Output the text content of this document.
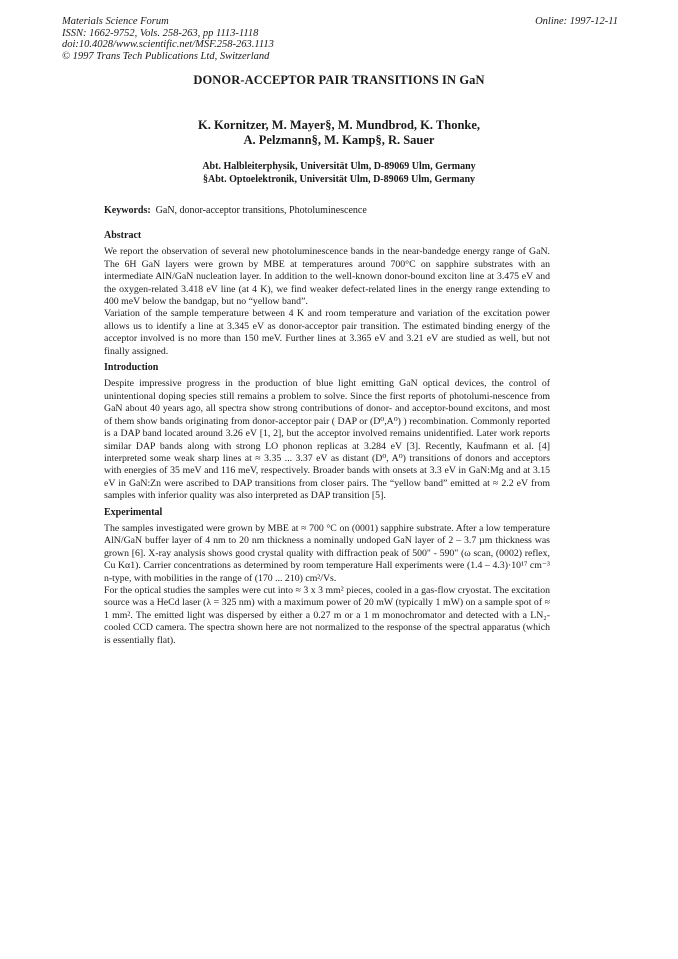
Materials Science Forum
ISSN: 1662-9752, Vols. 258-263, pp 1113-1118
doi:10.4028/www.scientific.net/MSF.258-263.1113
© 1997 Trans Tech Publications Ltd, Switzerland
Online: 1997-12-11
DONOR-ACCEPTOR PAIR TRANSITIONS IN GaN
K. Kornitzer, M. Mayer§, M. Mundbrod, K. Thonke,
A. Pelzmann§, M. Kamp§, R. Sauer
Abt. Halbleiterphysik, Universität Ulm, D-89069 Ulm, Germany
§Abt. Optoelektronik, Universität Ulm, D-89069 Ulm, Germany
Keywords: GaN, donor-acceptor transitions, Photoluminescence
Abstract

We report the observation of several new photoluminescence bands in the near-bandedge energy range of GaN. The 6H GaN layers were grown by MBE at temperatures around 700°C on sapphire substrates with an intermediate AlN/GaN nucleation layer. In addition to the well-known donor-bound exciton line at 3.475 eV and the oxygen-related 3.418 eV line (at 4 K), we find weaker defect-related lines in the energy range extending to 400 meV below the bandgap, but no “yellow band”.

Variation of the sample temperature between 4 K and room temperature and variation of the excitation power allows us to identify a line at 3.345 eV as donor-acceptor pair transition. The estimated binding energy of the acceptor involved is no more than 150 meV. Further lines at 3.365 eV and 3.21 eV are studied as well, but not finally assigned.

Introduction

Despite impressive progress in the production of blue light emitting GaN optical devices, the control of unintentional doping species still remains a problem to solve. Since the first reports of photolumi-nescence from GaN about 40 years ago, all spectra show strong contributions of donor- and acceptor-bound excitons, and most of them show bands originating from donor-acceptor pair ( DAP or (D⁰,A⁰) ) recombination. Commonly reported is a DAP band located around 3.26 eV [1, 2], but the acceptor involved remains unidentified. Later work reports similar DAP bands along with strong LO phonon replicas at 3.284 eV [3]. Recently, Kaufmann et al. [4] interpreted some weak sharp lines at ≈ 3.35 ... 3.37 eV as distant (D⁰, A⁰) transitions of donors and acceptors with energies of 35 meV and 116 meV, respectively. Broader bands with onsets at 3.3 eV in GaN:Mg and at 3.15 eV in GaN:Zn were ascribed to DAP transitions from closer pairs. The “yellow band” emitted at ≈ 2.2 eV from samples with inferior quality was also interpreted as DAP transition [5].

Experimental

The samples investigated were grown by MBE at ≈ 700 °C on (0001) sapphire substrate. After a low temperature AlN/GaN buffer layer of 4 nm to 20 nm thickness a nominally undoped GaN layer of 2 – 3.7 µm thickness was grown [6]. X-ray analysis shows good crystal quality with diffraction peak of 500" - 590" (ω scan, (0002) reflex, Cu Kα1). Carrier concentrations as determined by room temperature Hall experiments were (1.4 – 4.3)·10¹⁷ cm⁻³ n-type, with mobilities in the range of (170 ... 210) cm²/Vs.

For the optical studies the samples were cut into ≈ 3 x 3 mm² pieces, cooled in a gas-flow cryostat. The excitation source was a HeCd laser (λ = 325 nm) with a maximum power of 20 mW (typically 1 mW) on a sample spot of ≈ 1 mm². The emitted light was dispersed by either a 0.27 m or a 1 m monochromator and detected with a LN₂-cooled CCD camera. The spectra shown here are not normalized to the response of the spectral apparatus (which is essentially flat).
